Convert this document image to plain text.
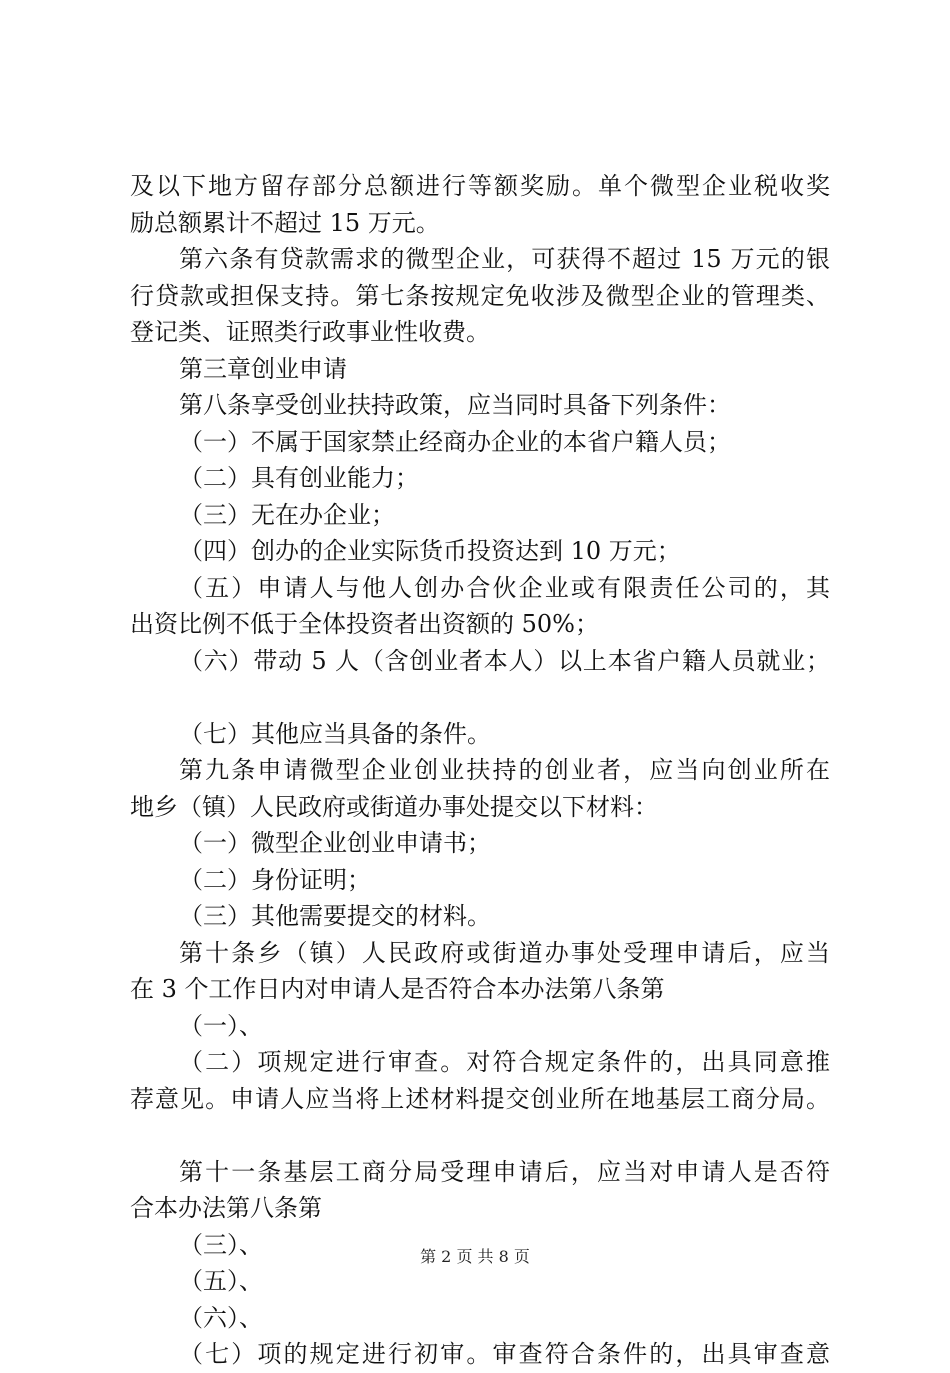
及以下地方留存部分总额进行等额奖励。单个微型企业税收奖
励总额累计不超过 15 万元。
第六条有贷款需求的微型企业，可获得不超过 15 万元的银
行贷款或担保支持。第七条按规定免收涉及微型企业的管理类、
登记类、证照类行政事业性收费。
第三章创业申请
第八条享受创业扶持政策，应当同时具备下列条件：
（一）不属于国家禁止经商办企业的本省户籍人员；
（二）具有创业能力；
（三）无在办企业；
（四）创办的企业实际货币投资达到 10 万元；
（五）申请人与他人创办合伙企业或有限责任公司的，其
出资比例不低于全体投资者出资额的 50%；
（六）带动 5 人（含创业者本人）以上本省户籍人员就业；
（七）其他应当具备的条件。
第九条申请微型企业创业扶持的创业者，应当向创业所在
地乡（镇）人民政府或街道办事处提交以下材料：
（一）微型企业创业申请书；
（二）身份证明；
（三）其他需要提交的材料。
第十条乡（镇）人民政府或街道办事处受理申请后，应当
在 3 个工作日内对申请人是否符合本办法第八条第
（一）、
（二）项规定进行审查。对符合规定条件的，出具同意推
荐意见。申请人应当将上述材料提交创业所在地基层工商分局。
第十一条基层工商分局受理申请后，应当对申请人是否符
合本办法第八条第
（三）、
（五）、
（六）、
（七）项的规定进行初审。审查符合条件的，出具审查意
第 2 页 共 8 页
